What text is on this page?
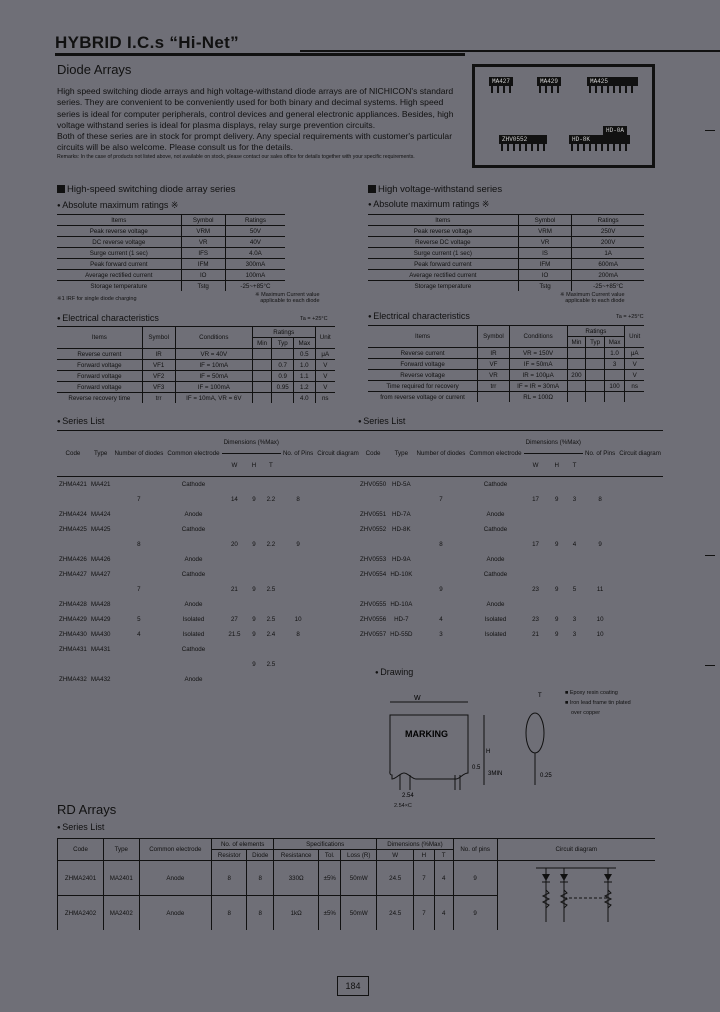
HYBRID I.C.s “Hi-Net”
Diode Arrays
High speed switching diode arrays and high voltage-withstand diode arrays are of NICHICON's standard series. They are convenient to be conveniently used for both binary and decimal systems. High speed series is ideal for computer peripherals, control devices and general electronic appliances. Besides, high voltage withstand series is ideal for plasma displays, relay surge prevention circuits.
Both of these series are in stock for prompt delivery. Any special requirements with customer's particular circuits will be also welcome. Please consult us for the details.
Remarks: In the case of products not listed above, not available on stock, please contact our sales office for details together with your specific requirements.
MA427	MA429	MA425
ZHV0552	HD-8K
HD-0A
High-speed switching diode array series
● Absolute maximum ratings ※
Items	Symbol	Ratings
Peak reverse voltage	VRM	50V
DC reverse voltage	VR	40V
Surge current (1 sec)	IFS	4.0A
Peak forward current	IFM	300mA
Average rectified current	IO	100mA
Storage temperature	Tstg	-25~+85°C
※1 IRF for single diode charging
※ Maximum Current value
applicable to each diode
● Electrical characteristics	Ta = +25°C
Items	Symbol	Conditions	Ratings			Unit
			Min	Typ	Max	
Reverse current	IR	VR = 40V			0.5	μA
Forward voltage	VF1	IF = 10mA		0.7	1.0	V
Forward voltage	VF2	IF = 50mA		0.9	1.1	V
Forward voltage	VF3	IF = 100mA		0.95	1.2	V
Reverse recovery time	trr	IF = 10mA, VR = 6V			4.0	ns
High voltage-withstand series
● Absolute maximum ratings ※
Items	Symbol	Ratings
Peak reverse voltage	VRM	250V
Reverse DC voltage	VR	200V
Surge current (1 sec)	IS	1A
Peak forward current	IFM	600mA
Average rectified current	IO	200mA
Storage temperature	Tstg	-25~+85°C
※ Maximum Current value
applicable to each diode
● Electrical characteristics	Ta = +25°C
Items	Symbol	Conditions	Ratings			Unit
			Min	Typ	Max	
Reverse current	IR	VR = 150V			1.0	μA
Forward voltage	VF	IF = 50mA			3	V
Reverse voltage	VR	IR = 100μA	200			V
Time required for recovery	trr	IF = IR = 30mA			100	ns
from reverse voltage or current		RL = 100Ω				
● Series List
Code	Type	Number of diodes	Common electrode	Dimensions (%Max)			No. of Pins	Circuit diagram
				W	H	T		
ZHMA421	MA421		Cathode					
		7		14	9	2.2	8	
ZHMA424	MA424		Anode					
ZHMA425	MA425		Cathode					
		8		20	9	2.2	9	
ZHMA426	MA426		Anode					
ZHMA427	MA427		Cathode					
		7		21	9	2.5		
ZHMA428	MA428		Anode					
ZHMA429	MA429	5	Isolated	27	9	2.5	10	
ZHMA430	MA430	4	Isolated	21.5	9	2.4	8	
ZHMA431	MA431		Cathode					
					9	2.5		
ZHMA432	MA432		Anode					
● Series List
Code	Type	Number of diodes	Common electrode	Dimensions (%Max)			No. of Pins	Circuit diagram
				W	H	T		
ZHV0550	HD-5A		Cathode					
		7		17	9	3	8	
ZHV0551	HD-7A		Anode					
ZHV0552	HD-8K		Cathode					
		8		17	9	4	9	
ZHV0553	HD-9A		Anode					
ZHV0554	HD-10K		Cathode					
		9		23	9	5	11	
ZHV0555	HD-10A		Anode					
ZHV0556	HD-7	4	Isolated	23	9	3	10	
ZHV0557	HD-55D	3	Isolated	21	9	3	10	
● Drawing
W
MARKING
H
0.5
3MIN
T
0.25
2.54
■ Epoxy resin coating
■ Iron lead frame tin plated
over copper
2.54×C
RD Arrays
● Series List
Code	Type	Common electrode	No. of elements		Specifications			Dimensions (%Max)			No. of pins	Circuit diagram
			Resistor	Diode	Resistance	Tol.	Loss (R)	W	H	T		
ZHMA2401	MA2401	Anode	8	8	330Ω	±5%	50mW	24.5	7	4	9	
ZHMA2402	MA2402	Anode	8	8	1kΩ	±5%	50mW	24.5	7	4	9	
184
